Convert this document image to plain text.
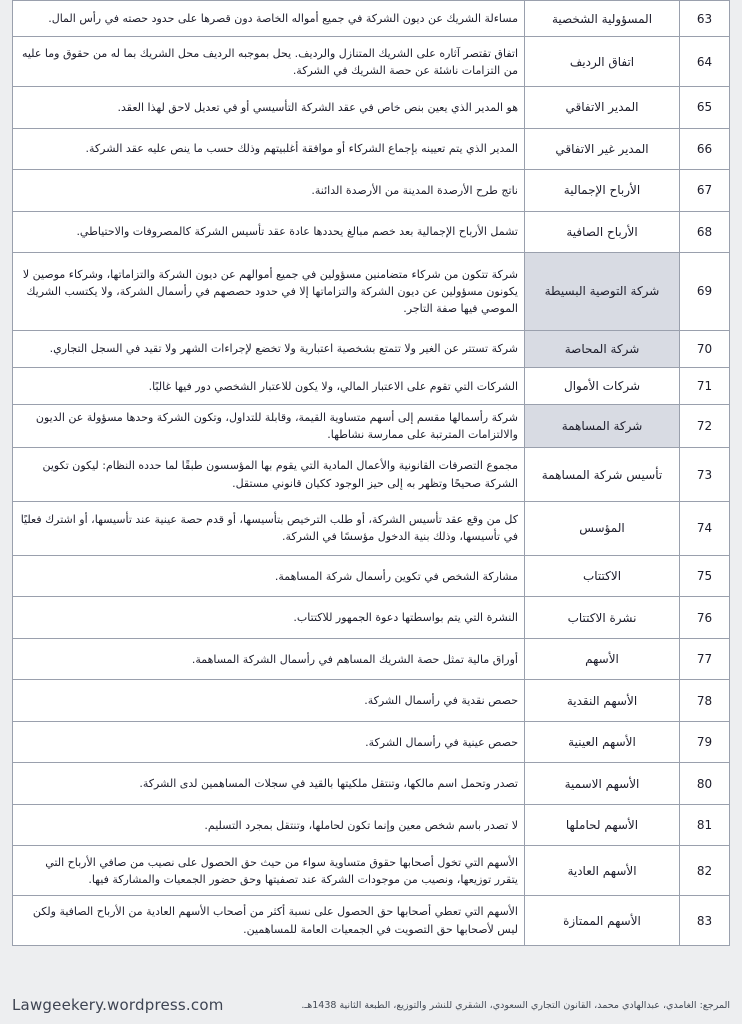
63	المسؤولية الشخصية	مساءلة الشريك عن ديون الشركة في جميع أمواله الخاصة دون قصرها على حدود حصته في رأس المال.
64	اتفاق الرديف	اتفاق تقتصر آثاره على الشريك المتنازل والرديف. يحل بموجبه الرديف محل الشريك بما له من حقوق وما عليه من التزامات ناشئة عن حصة الشريك في الشركة.
65	المدير الاتفاقي	هو المدير الذي يعين بنص خاص في عقد الشركة التأسيسي أو في تعديل لاحق لهذا العقد.
66	المدير غير الاتفاقي	المدير الذي يتم تعيينه بإجماع الشركاء أو موافقة أغلبيتهم وذلك حسب ما ينص عليه عقد الشركة.
67	الأرباح الإجمالية	ناتج طرح الأرصدة المدينة من الأرصدة الدائنة.
68	الأرباح الصافية	تشمل الأرباح الإجمالية بعد خصم مبالغ يحددها عادة عقد تأسيس الشركة كالمصروفات والاحتياطي.
69	شركة التوصية البسيطة	شركة تتكون من شركاء متضامنين مسؤولين في جميع أموالهم عن ديون الشركة والتزاماتها، وشركاء موصين لا يكونون مسؤولين عن ديون الشركة والتزاماتها إلا في حدود حصصهم في رأسمال الشركة، ولا يكتسب الشريك الموصي فيها صفة التاجر.
70	شركة المحاصة	شركة تستتر عن الغير ولا تتمتع بشخصية اعتبارية ولا تخضع لإجراءات الشهر ولا تقيد في السجل التجاري.
71	شركات الأموال	الشركات التي تقوم على الاعتبار المالي، ولا يكون للاعتبار الشخصي دور فيها غالبًا.
72	شركة المساهمة	شركة رأسمالها مقسم إلى أسهم متساوية القيمة، وقابلة للتداول، وتكون الشركة وحدها مسؤولة عن الديون والالتزامات المترتبة على ممارسة نشاطها.
73	تأسيس شركة المساهمة	مجموع التصرفات القانونية والأعمال المادية التي يقوم بها المؤسسون طبقًا لما حدده النظام: ليكون تكوين الشركة صحيحًا وتظهر به إلى حيز الوجود ككيان قانوني مستقل.
74	المؤسس	كل من وقع عقد تأسيس الشركة، أو طلب الترخيص بتأسيسها، أو قدم حصة عينية عند تأسيسها، أو اشترك فعليًا في تأسيسها، وذلك بنية الدخول مؤسسًا في الشركة.
75	الاكتتاب	مشاركة الشخص في تكوين رأسمال شركة المساهمة.
76	نشرة الاكتتاب	النشرة التي يتم بواسطتها دعوة الجمهور للاكتتاب.
77	الأسهم	أوراق مالية تمثل حصة الشريك المساهم في رأسمال الشركة المساهمة.
78	الأسهم النقدية	حصص نقدية في رأسمال الشركة.
79	الأسهم العينية	حصص عينية في رأسمال الشركة.
80	الأسهم الاسمية	تصدر وتحمل اسم مالكها، وتنتقل ملكيتها بالقيد في سجلات المساهمين لدى الشركة.
81	الأسهم لحاملها	لا تصدر باسم شخص معين وإنما تكون لحاملها، وتنتقل بمجرد التسليم.
82	الأسهم العادية	الأسهم التي تخول أصحابها حقوق متساوية سواء من حيث حق الحصول على نصيب من صافي الأرباح التي يتقرر توزيعها، ونصيب من موجودات الشركة عند تصفيتها وحق حضور الجمعيات والمشاركة فيها.
83	الأسهم الممتازة	الأسهم التي تعطي أصحابها حق الحصول على نسبة أكثر من أصحاب الأسهم العادية من الأرباح الصافية ولكن ليس لأصحابها حق التصويت في الجمعيات العامة للمساهمين.
Lawgeekery.wordpress.com	المرجع: الغامدي، عبدالهادي محمد، القانون التجاري السعودي، الشقري للنشر والتوزيع، الطبعة الثانية 1438هـ.
